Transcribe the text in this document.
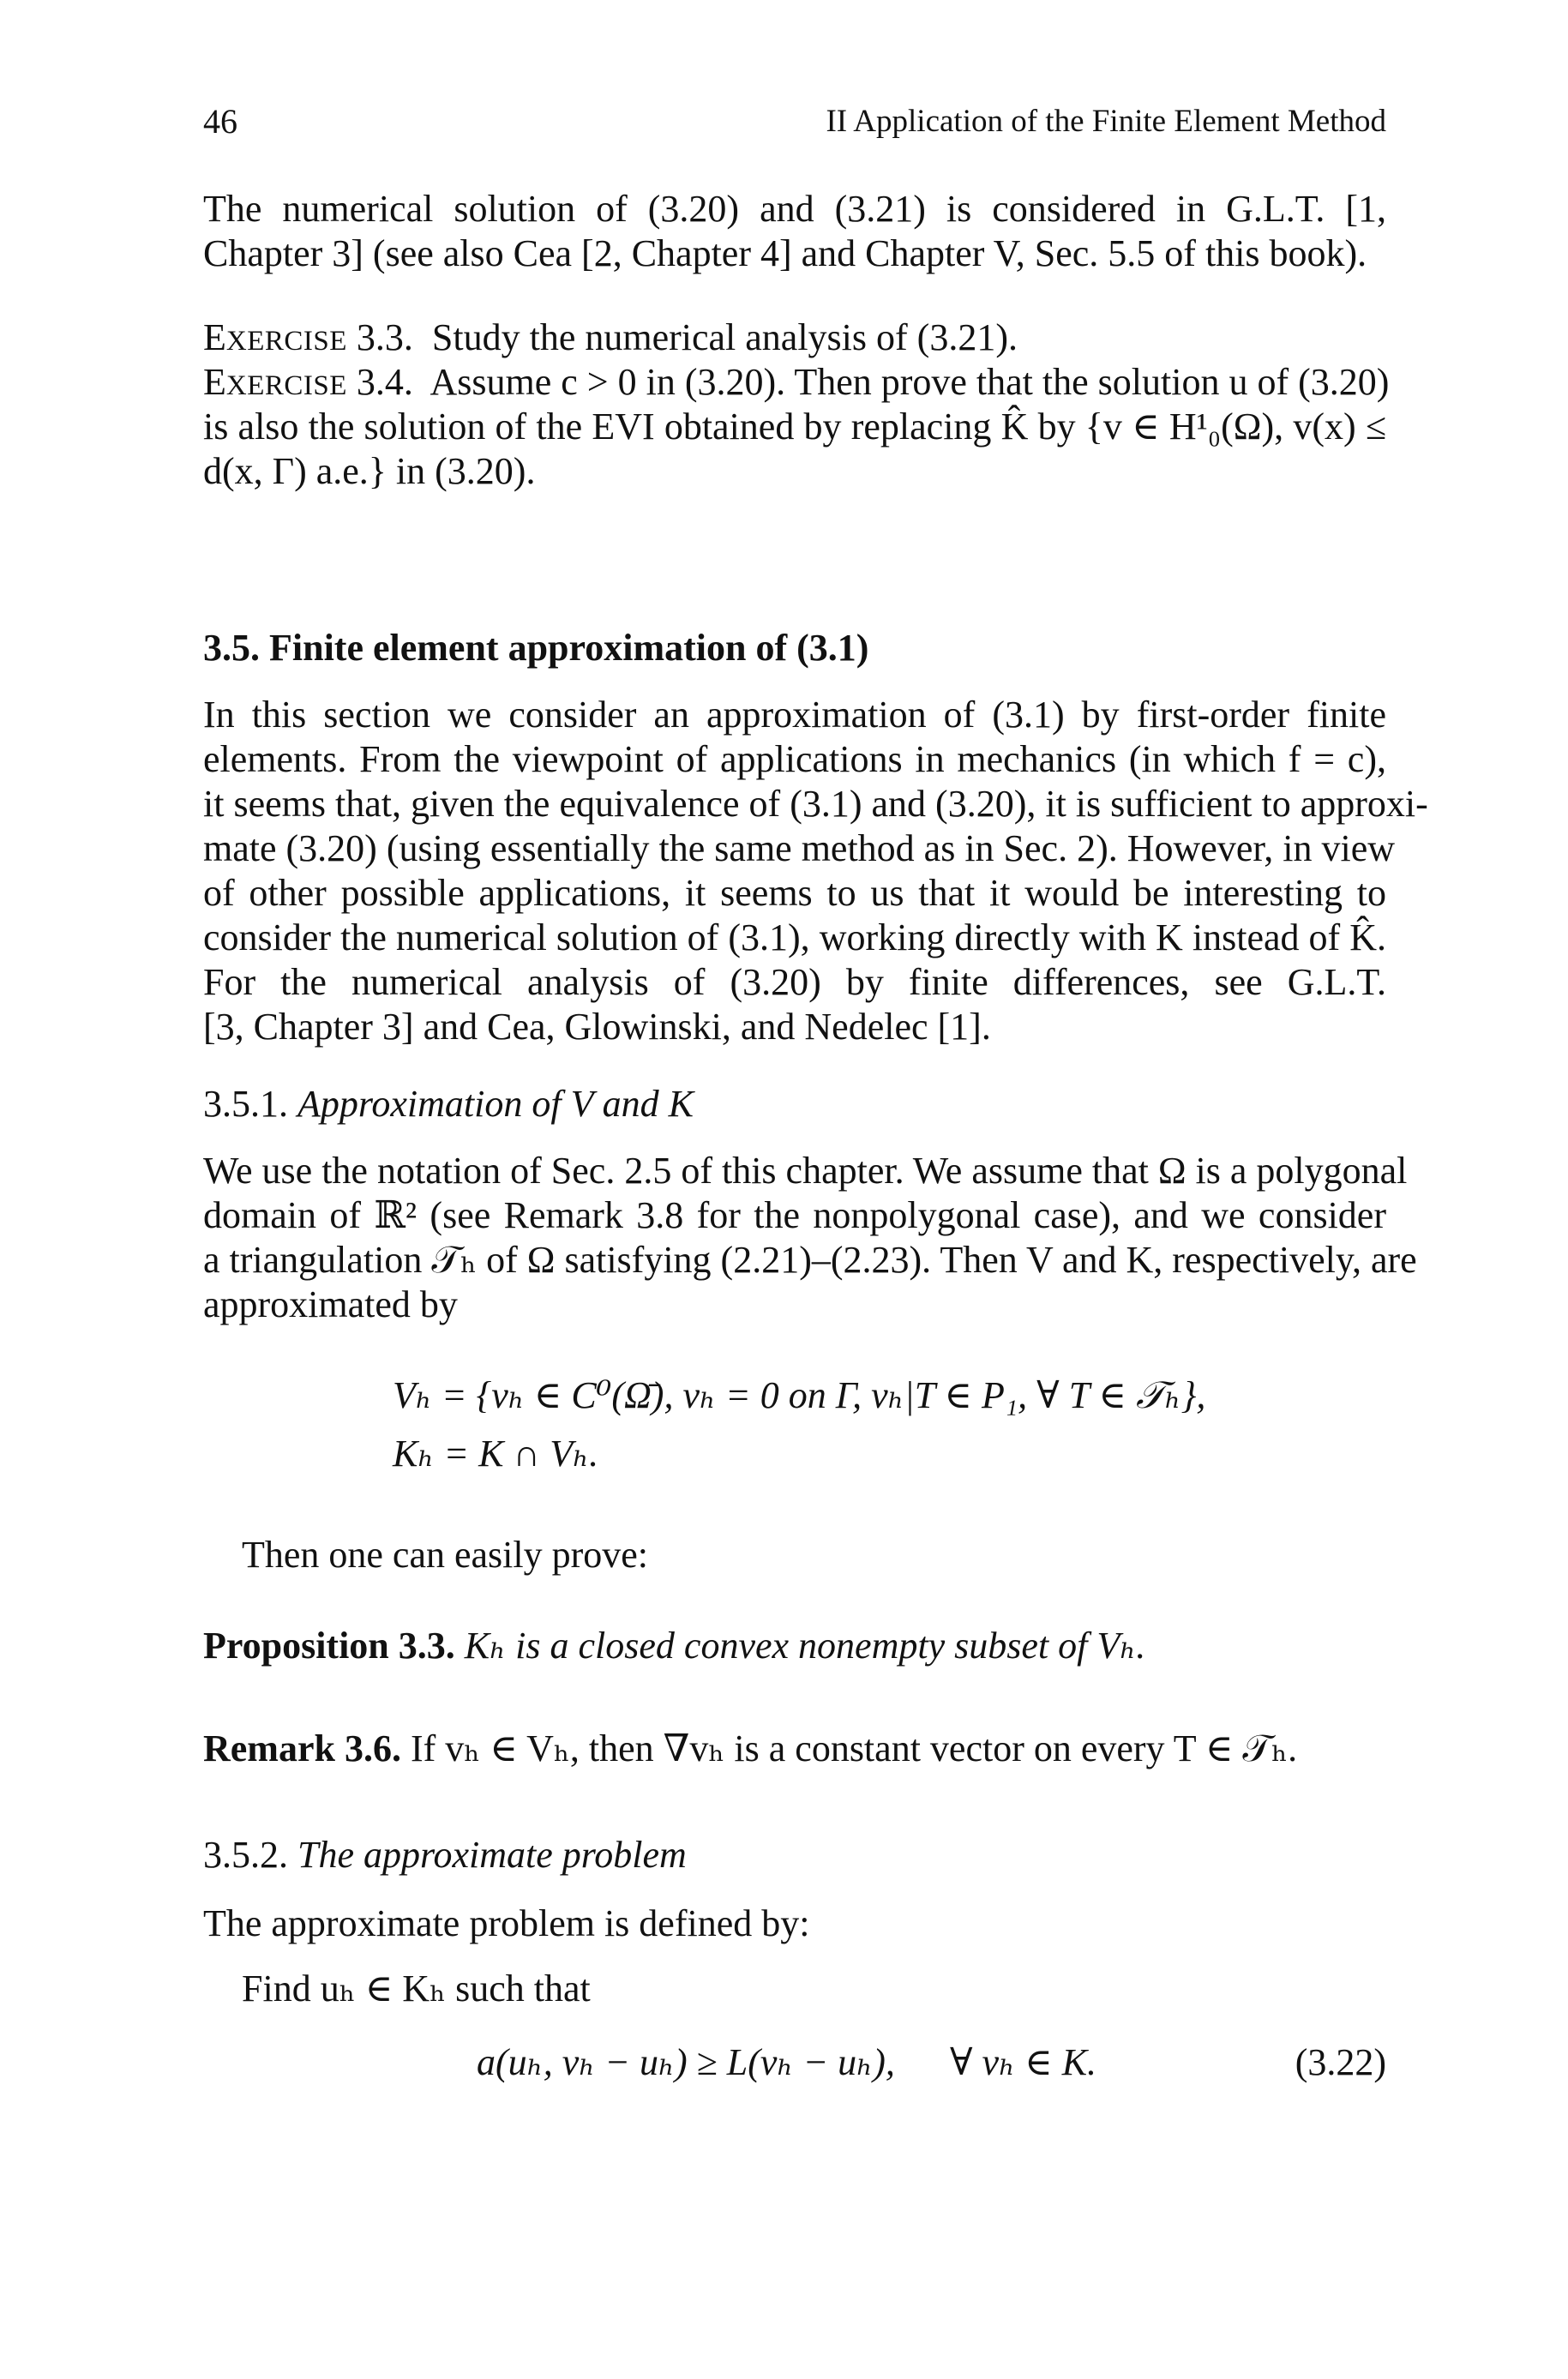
46	II Application of the Finite Element Method
The numerical solution of (3.20) and (3.21) is considered in G.L.T. [1,
Chapter 3] (see also Cea [2, Chapter 4] and Chapter V, Sec. 5.5 of this book).
EXERCISE 3.3. Study the numerical analysis of (3.21).
EXERCISE 3.4. Assume c > 0 in (3.20). Then prove that the solution u of (3.20)
is also the solution of the EVI obtained by replacing K̂ by {v ∈ H¹₀(Ω), v(x) ≤
d(x, Γ) a.e.} in (3.20).
3.5. Finite element approximation of (3.1)
In this section we consider an approximation of (3.1) by first-order finite
elements. From the viewpoint of applications in mechanics (in which f = c),
it seems that, given the equivalence of (3.1) and (3.20), it is sufficient to approxi-
mate (3.20) (using essentially the same method as in Sec. 2). However, in view
of other possible applications, it seems to us that it would be interesting to
consider the numerical solution of (3.1), working directly with K instead of K̂.
For the numerical analysis of (3.20) by finite differences, see G.L.T.
[3, Chapter 3] and Cea, Glowinski, and Nedelec [1].
3.5.1. Approximation of V and K
We use the notation of Sec. 2.5 of this chapter. We assume that Ω is a polygonal
domain of ℝ² (see Remark 3.8 for the nonpolygonal case), and we consider
a triangulation 𝒯ₕ of Ω satisfying (2.21)–(2.23). Then V and K, respectively, are
approximated by
Vₕ = {vₕ ∈ C⁰(Ω̄), vₕ = 0 on Γ, vₕ|T ∈ P₁, ∀ T ∈ 𝒯ₕ},
Kₕ = K ∩ Vₕ.
Then one can easily prove:
Proposition 3.3. Kₕ is a closed convex nonempty subset of Vₕ.
Remark 3.6. If vₕ ∈ Vₕ, then ∇vₕ is a constant vector on every T ∈ 𝒯ₕ.
3.5.2. The approximate problem
The approximate problem is defined by:
Find uₕ ∈ Kₕ such that
a(uₕ, vₕ − uₕ) ≥ L(vₕ − uₕ), ∀ vₕ ∈ K.	(3.22)
